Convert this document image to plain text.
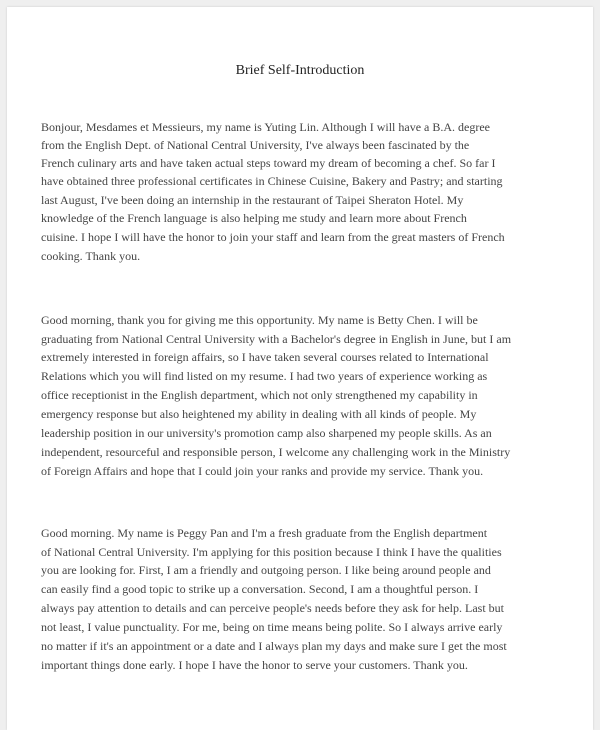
Brief Self-Introduction
Bonjour, Mesdames et Messieurs, my name is Yuting Lin. Although I will have a B.A. degree
from the English Dept. of National Central University, I've always been fascinated by the
French culinary arts and have taken actual steps toward my dream of becoming a chef. So far I
have obtained three professional certificates in Chinese Cuisine, Bakery and Pastry; and starting
last August, I've been doing an internship in the restaurant of Taipei Sheraton Hotel. My
knowledge of the French language is also helping me study and learn more about French
cuisine. I hope I will have the honor to join your staff and learn from the great masters of French
cooking. Thank you.
Good morning, thank you for giving me this opportunity. My name is Betty Chen. I will be
graduating from National Central University with a Bachelor's degree in English in June, but I am
extremely interested in foreign affairs, so I have taken several courses related to International
Relations which you will find listed on my resume. I had two years of experience working as
office receptionist in the English department, which not only strengthened my capability in
emergency response but also heightened my ability in dealing with all kinds of people. My
leadership position in our university's promotion camp also sharpened my people skills. As an
independent, resourceful and responsible person, I welcome any challenging work in the Ministry
of Foreign Affairs and hope that I could join your ranks and provide my service. Thank you.
Good morning. My name is Peggy Pan and I'm a fresh graduate from the English department
of National Central University. I'm applying for this position because I think I have the qualities
you are looking for. First, I am a friendly and outgoing person. I like being around people and
can easily find a good topic to strike up a conversation. Second, I am a thoughtful person. I
always pay attention to details and can perceive people's needs before they ask for help. Last but
not least, I value punctuality. For me, being on time means being polite. So I always arrive early
no matter if it's an appointment or a date and I always plan my days and make sure I get the most
important things done early. I hope I have the honor to serve your customers. Thank you.
